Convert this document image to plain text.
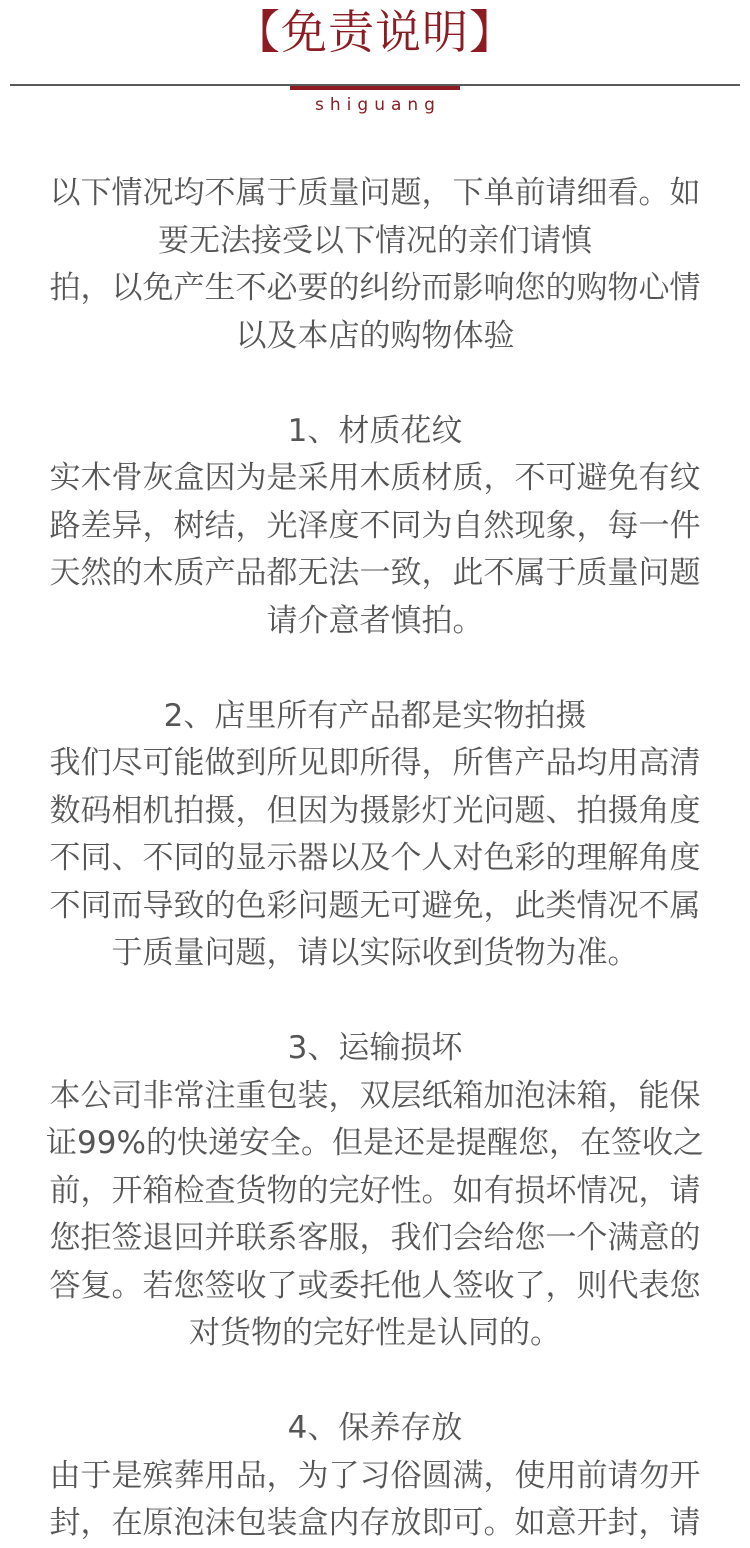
【免责说明】
shiguang
以下情况均不属于质量问题，下单前请细看。如
要无法接受以下情况的亲们请慎
拍，以免产生不必要的纠纷而影响您的购物心情
以及本店的购物体验
1、材质花纹
实木骨灰盒因为是采用木质材质，不可避免有纹
路差异，树结，光泽度不同为自然现象，每一件
天然的木质产品都无法一致，此不属于质量问题
请介意者慎拍。
2、店里所有产品都是实物拍摄
我们尽可能做到所见即所得，所售产品均用高清
数码相机拍摄，但因为摄影灯光问题、拍摄角度
不同、不同的显示器以及个人对色彩的理解角度
不同而导致的色彩问题无可避免，此类情况不属
于质量问题，请以实际收到货物为准。
3、运输损坏
本公司非常注重包装，双层纸箱加泡沫箱，能保
证99%的快递安全。但是还是提醒您，在签收之
前，开箱检查货物的完好性。如有损坏情况，请
您拒签退回并联系客服，我们会给您一个满意的
答复。若您签收了或委托他人签收了，则代表您
对货物的完好性是认同的。
4、保养存放
由于是殡葬用品，为了习俗圆满，使用前请勿开
封，在原泡沫包装盒内存放即可。如意开封，请
